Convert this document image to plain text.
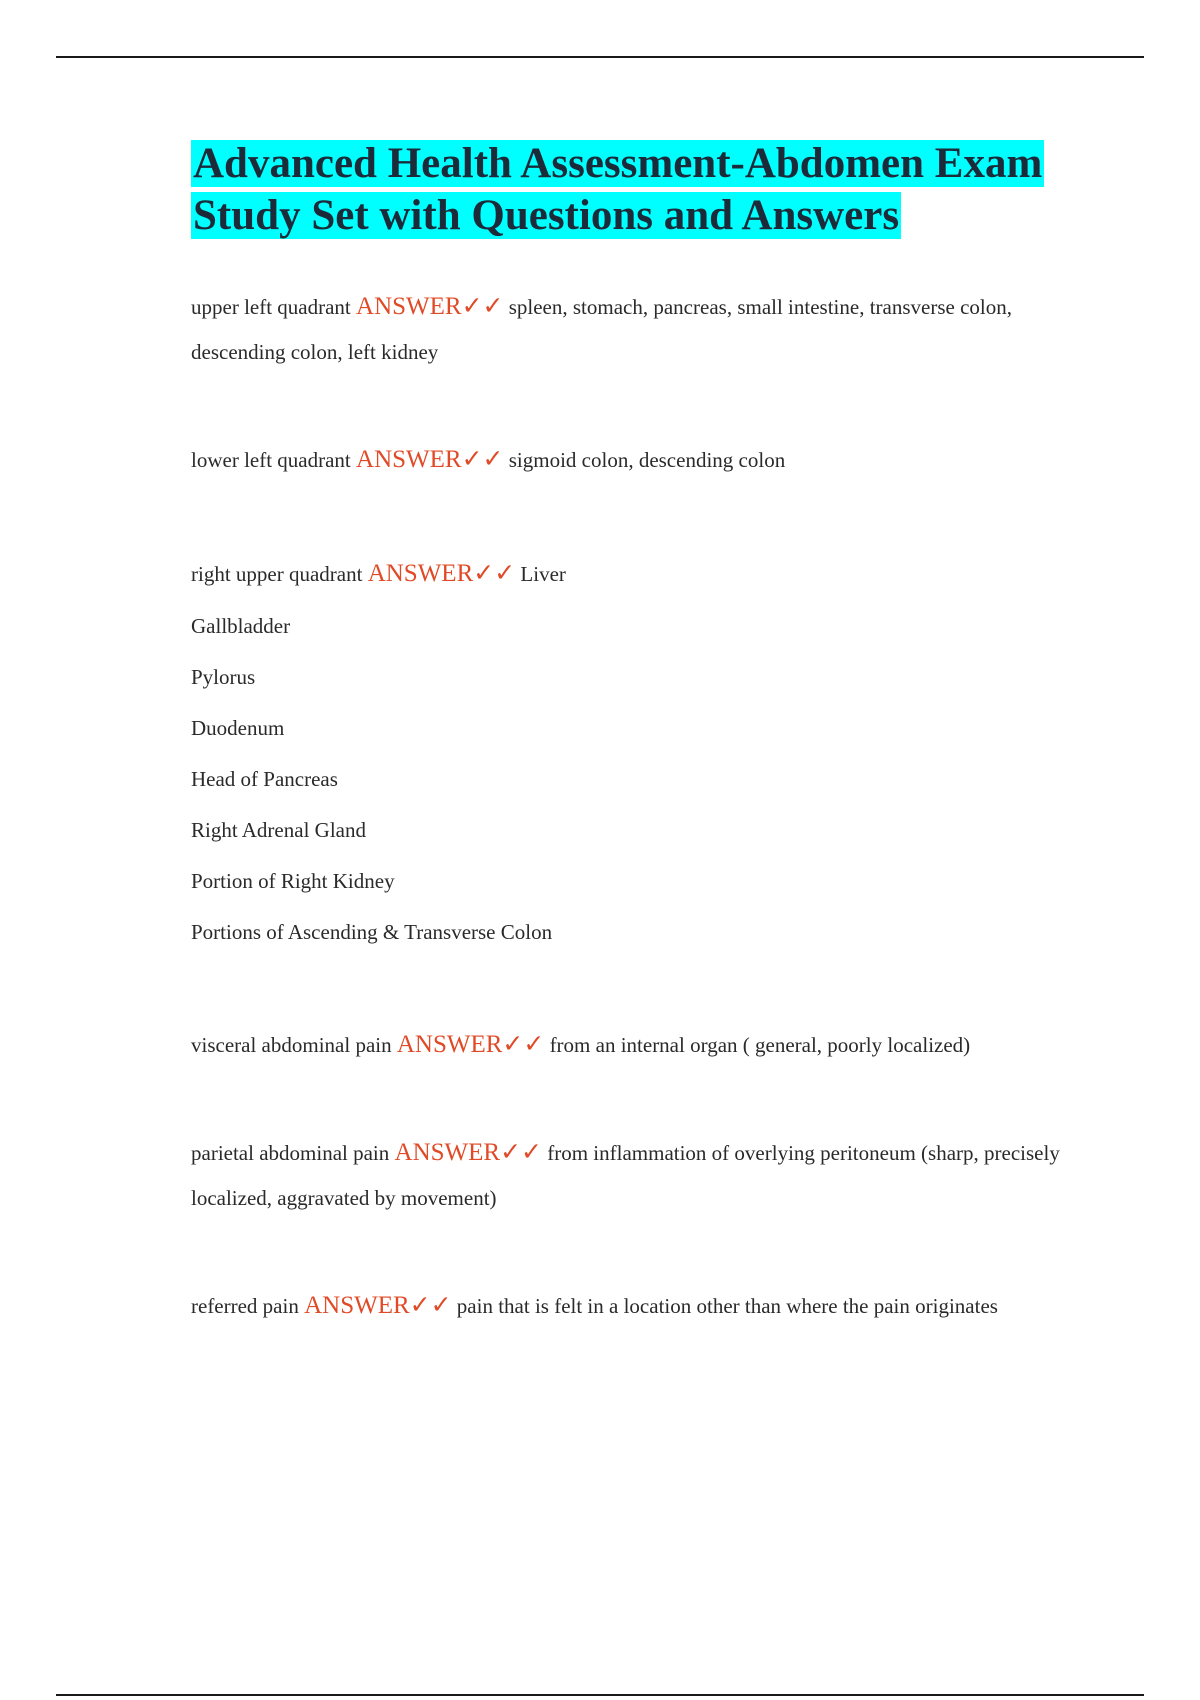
Advanced Health Assessment-Abdomen Exam Study Set with Questions and Answers

upper left quadrant ANSWER✓✓ spleen, stomach, pancreas, small intestine, transverse colon, descending colon, left kidney

lower left quadrant ANSWER✓✓ sigmoid colon, descending colon

right upper quadrant ANSWER✓✓ Liver

Gallbladder
Pylorus
Duodenum
Head of Pancreas
Right Adrenal Gland
Portion of Right Kidney
Portions of Ascending & Transverse Colon

visceral abdominal pain ANSWER✓✓ from an internal organ ( general, poorly localized)

parietal abdominal pain ANSWER✓✓ from inflammation of overlying peritoneum (sharp, precisely localized, aggravated by movement)

referred pain ANSWER✓✓ pain that is felt in a location other than where the pain originates
